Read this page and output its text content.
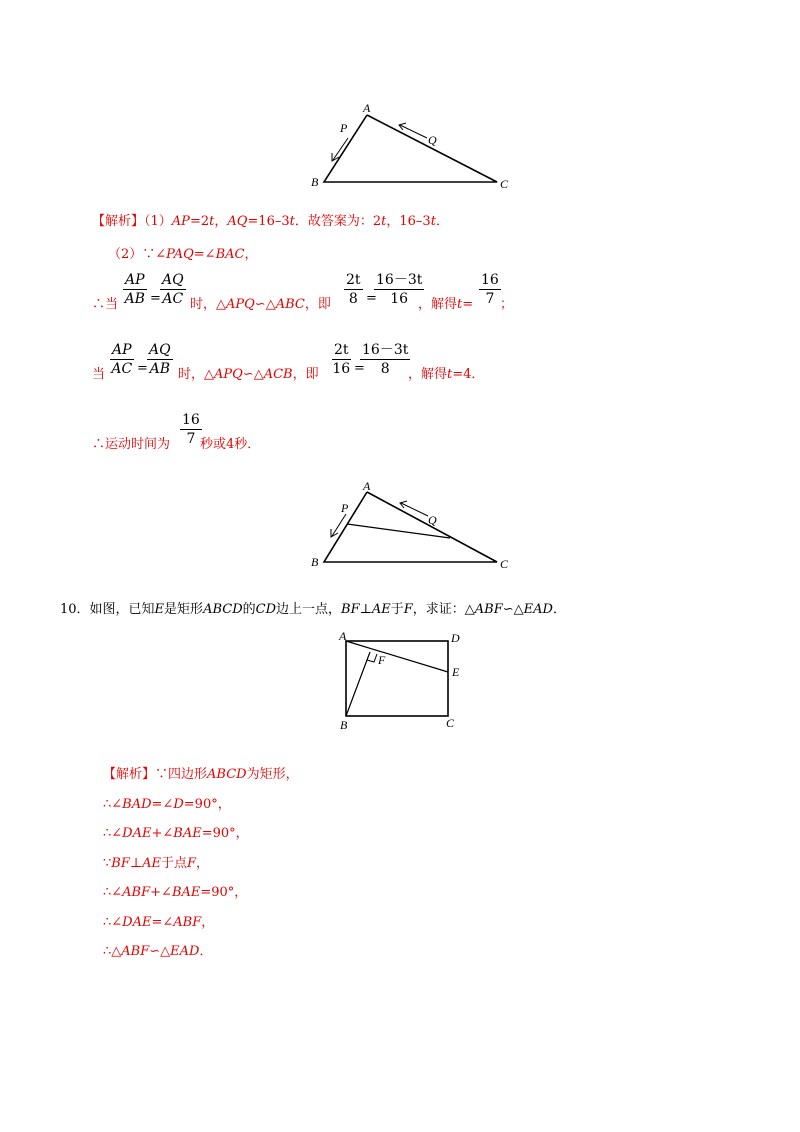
A
B	C
P
Q
【解析】（1）AP=2t，AQ=16–3t．故答案为：2t，16–3t．
（2）∵∠PAQ=∠BAC，
$\frac{AP}{AB} = \frac{AQ}{AC}$	$\frac{2t}{8}$ =
$\frac{16-3t}{16}$	$\frac{16}{7}$
∴当	时，△APQ∽△ABC，即	，解得t= ；
$\frac{AP}{AC} = \frac{AQ}{AB}$	$\frac{2t}{16}$ =
$\frac{16-3t}{8}$
当	时，△APQ∽△ACB，即	，解得t=4．
$\frac{16}{7}$
∴运动时间为 秒或4秒．
A
B	C
P
Q
10．如图，已知E是矩形ABCD的CD边上一点，BF⊥AE于F，求证：△ABF∽△EAD．
A	D
E
F
B	C
【解析】∵四边形ABCD为矩形，
∴∠BAD=∠D=90°，
∴∠DAE+∠BAE=90°，
∵BF⊥AE于点F，
∴∠ABF+∠BAE=90°，
∴∠DAE=∠ABF，
∴△ABF∽△EAD．
